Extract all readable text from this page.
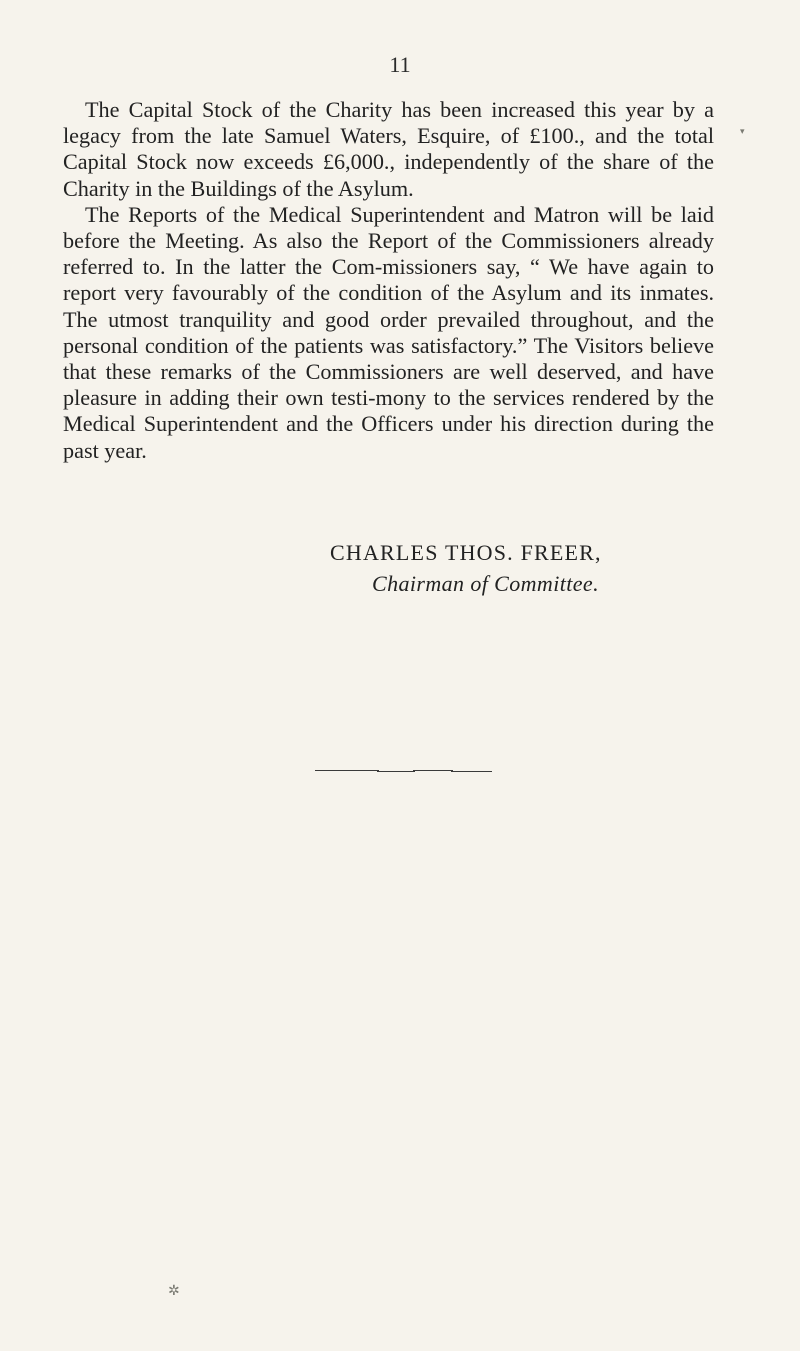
11

The Capital Stock of the Charity has been increased this year by a legacy from the late Samuel Waters, Esquire, of £100., and the total Capital Stock now exceeds £6,000., independently of the share of the Charity in the Buildings of the Asylum.

The Reports of the Medical Superintendent and Matron will be laid before the Meeting. As also the Report of the Commissioners already referred to. In the latter the Com-missioners say, “ We have again to report very favourably of the condition of the Asylum and its inmates. The utmost tranquility and good order prevailed throughout, and the personal condition of the patients was satisfactory.” The Visitors believe that these remarks of the Commissioners are well deserved, and have pleasure in adding their own testi-mony to the services rendered by the Medical Superintendent and the Officers under his direction during the past year.

CHARLES THOS. FREER,
Chairman of Committee.
▾
✲
